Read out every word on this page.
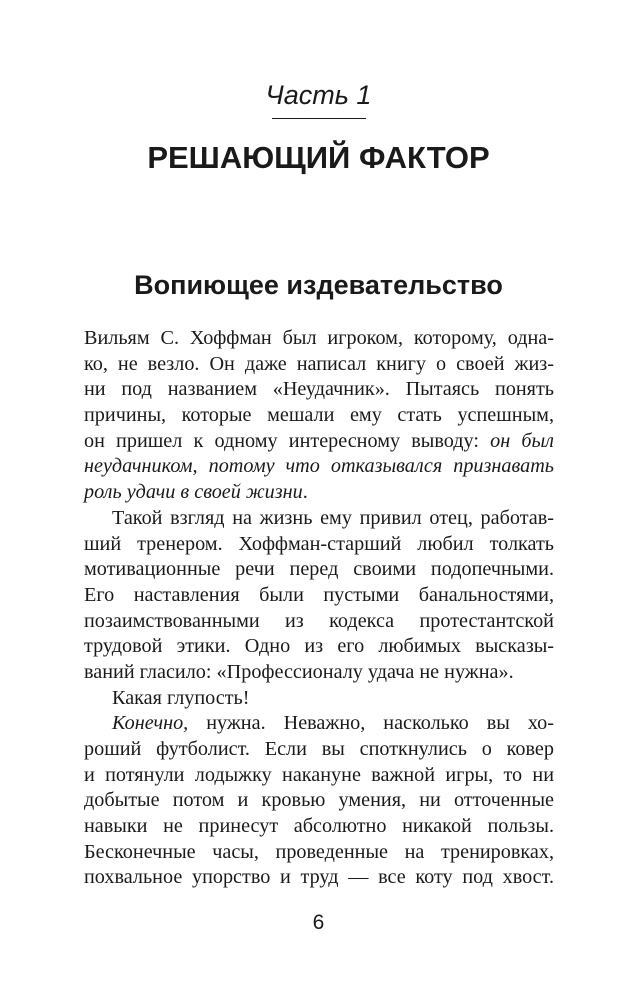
Часть 1
РЕШАЮЩИЙ ФАКТОР
Вопиющее издевательство
Вильям С. Хоффман был игроком, которому, одна-
ко, не везло. Он даже написал книгу о своей жиз-
ни под названием «Неудачник». Пытаясь понять
причины, которые мешали ему стать успешным,
он пришел к одному интересному выводу: он был
неудачником, потому что отказывался признавать
роль удачи в своей жизни.
Такой взгляд на жизнь ему привил отец, работав-
ший тренером. Хоффман-старший любил толкать
мотивационные речи перед своими подопечными.
Его наставления были пустыми банальностями,
позаимствованными из кодекса протестантской
трудовой этики. Одно из его любимых высказы-
ваний гласило: «Профессионалу удача не нужна».
Какая глупость!
Конечно, нужна. Неважно, насколько вы хо-
роший футболист. Если вы споткнулись о ковер
и потянули лодыжку накануне важной игры, то ни
добытые потом и кровью умения, ни отточенные
навыки не принесут абсолютно никакой пользы.
Бесконечные часы, проведенные на тренировках,
похвальное упорство и труд — все коту под хвост.
6
